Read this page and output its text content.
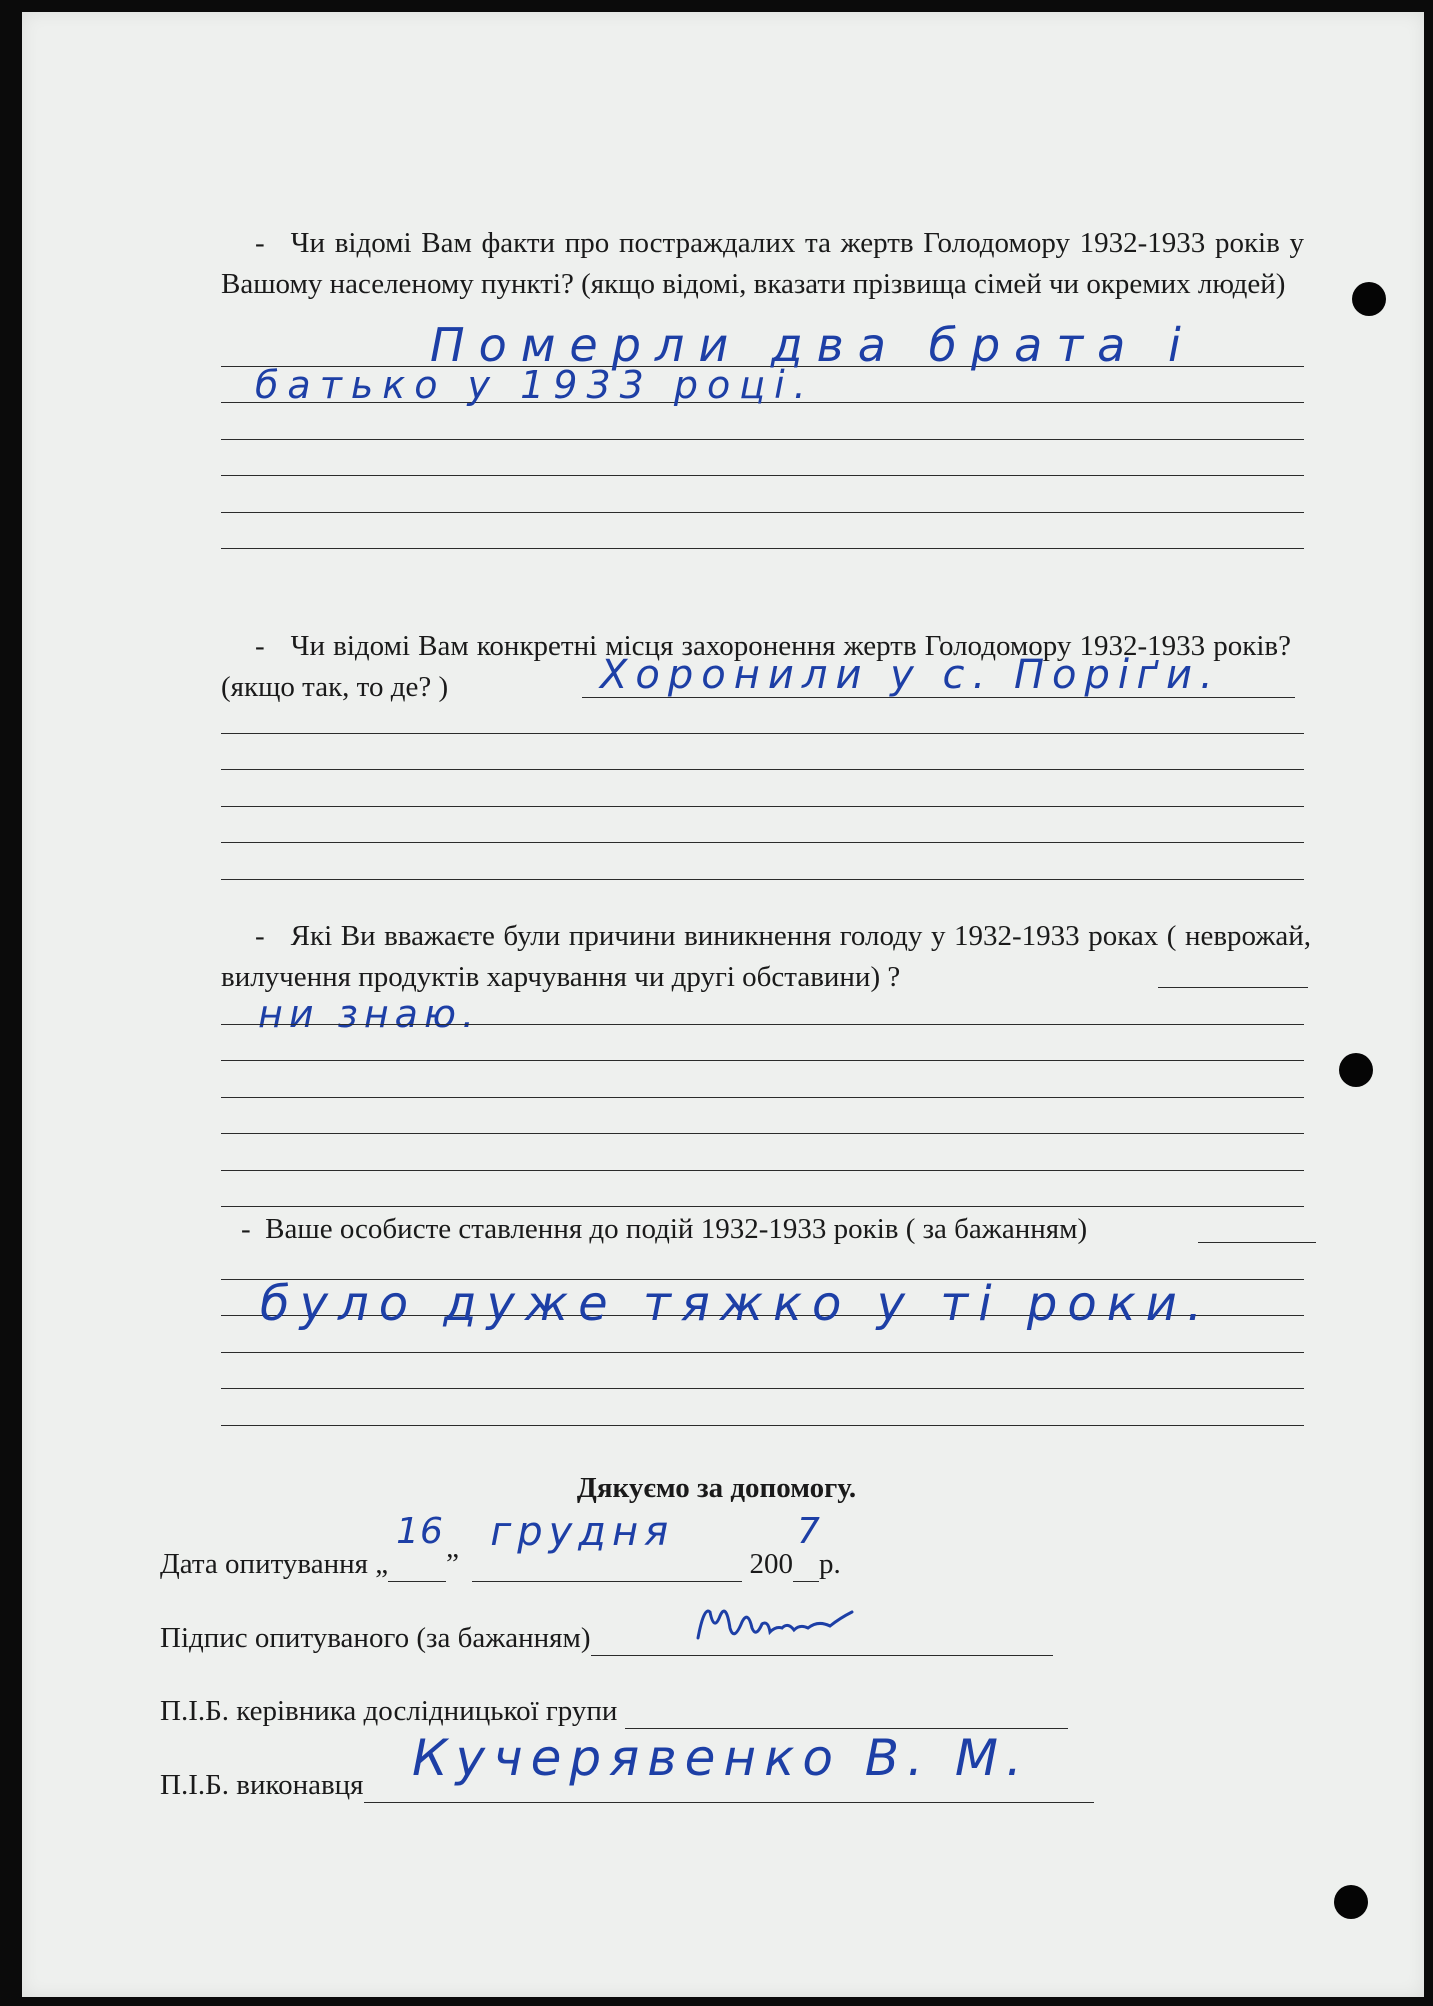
- Чи відомі Вам факти про постраждалих та жертв Голодомору 1932-1933 років у Вашому населеному пункті? (якщо відомі, вказати прізвища сімей чи окремих людей)
Померли два брата і
батько у 1933 році.
- Чи відомі Вам конкретні місця захоронення жертв Голодомору 1932-1933 років? (якщо так, то де? )	Хоронили у с. Поріґи.
- Які Ви вважаєте були причини виникнення голоду у 1932-1933 роках ( неврожай, вилучення продуктів харчування чи другі обставини) ?
ни знаю.
- Ваше особисте ставлення до подій 1932-1933 років ( за бажанням)
було дуже тяжко у ті роки.
Дякуємо за допомогу.
Дата опитування „
16
”
грудня
200
7
р.
Підпис опитуваного (за бажанням)
П.І.Б. керівника дослідницької групи
П.І.Б. виконавця Кучерявенко В. М.
